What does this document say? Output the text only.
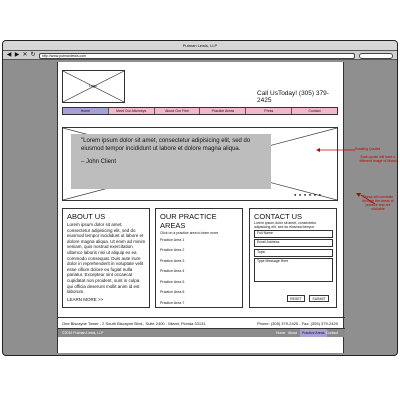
Putman Lewis, LLP
◀ ▶ ✕ ↻	http://www.putmanlewis.com
Logo
Call UsToday! (305) 379-2425
Home	Meet Our Attorneys	About Our Firm	Practice Areas	Press	Contact
"Lorem ipsum dolor sit amet, consectetur adipisicing elit, sed do eiusmod tempor incididunt ut labore et dolore magna aliqua.
– John Client
● ● ● ● ● ●
ABOUT US
Lorem ipsum dolor sit amet, consectetur adipisicing elit, sed do eiusmod tempor incididunt ut labore et dolore magna aliqua. Ut enim ad minim veniam, quis nostrud exercitation ullamco laboris nisi ut aliquip ex ea commodo consequat. Duis aute irure dolor in reprehenderit in voluptate velit esse cillum dolore eu fugiat nulla pariatur. Excepteur sint occaecat cupidatat non proident, sunt in culpa qui officia deserunt mollit anim id est laborum.
LEARN MORE >>
OUR PRACTICE AREAS
Click on a practice area to learn more.
Practice Area 1
Practice Area 2
Practice Area 3
Practice Area 4
Practice Area 5
Practice Area 6
Practice Area 7
CONTACT US
Lorem ipsum dolor sit amet, consectetur adipisicing elit, sed do eiusmod tempor
Full Name
Email Address
Topic
Type Message Here
RESET	SUBMIT
One Biscayne Tower - 2 South Biscayne Blvd., Suite 2400 - Miami, Florida 33131	Phone: (305) 379-2425 - Fax: (305) 379-2420
©2015 Putman Lewis, LLP	Home About	Practice Areas Contact
Rotating Quotes
Each quote will have a different image of Miami
These will correlate through the areas of practice and are clickable
